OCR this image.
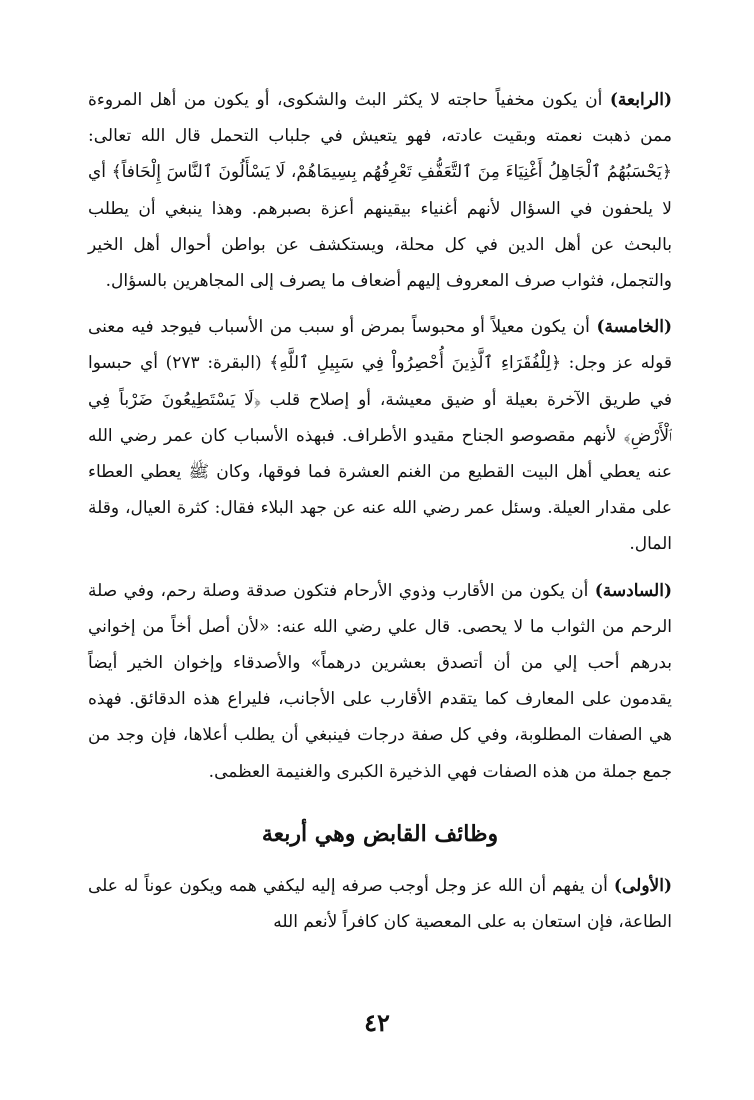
(الرابعة) أن يكون مخفياً حاجته لا يكثر البث والشكوى، أو يكون من أهل المروءة ممن ذهبت نعمته وبقيت عادته، فهو يتعيش في جلباب التحمل قال الله تعالى: ﴿يَحْسَبُهُمُ ٱلْجَاهِلُ أَغْنِيَاءَ مِنَ ٱلتَّعَفُّفِ تَعْرِفُهُم بِسِيمَاهُمْ، لَا يَسْأَلُونَ ٱلنَّاسَ إِلْحَافاً﴾ أي لا يلحفون في السؤال لأنهم أغنياء بيقينهم أعزة بصبرهم. وهذا ينبغي أن يطلب بالبحث عن أهل الدين في كل محلة، ويستكشف عن بواطن أحوال أهل الخير والتجمل، فثواب صرف المعروف إليهم أضعاف ما يصرف إلى المجاهرين بالسؤال.

(الخامسة) أن يكون معيلاً أو محبوساً بمرض أو سبب من الأسباب فيوجد فيه معنى قوله عز وجل: ﴿لِلْفُقَرَاءِ ٱلَّذِينَ أُحْصِرُواْ فِي سَبِيلِ ٱللَّهِ﴾ (البقرة: ٢٧٣) أي حبسوا في طريق الآخرة بعيلة أو ضيق معيشة، أو إصلاح قلب ﴿لَا يَسْتَطِيعُونَ ضَرْباً فِي ٱلْأَرْضِ﴾ لأنهم مقصوصو الجناح مقيدو الأطراف. فبهذه الأسباب كان عمر رضي الله عنه يعطي أهل البيت القطيع من الغنم العشرة فما فوقها، وكان ﷺ يعطي العطاء على مقدار العيلة. وسئل عمر رضي الله عنه عن جهد البلاء فقال: كثرة العيال، وقلة المال.

(السادسة) أن يكون من الأقارب وذوي الأرحام فتكون صدقة وصلة رحم، وفي صلة الرحم من الثواب ما لا يحصى. قال علي رضي الله عنه: «لأن أصل أخاً من إخواني بدرهم أحب إلي من أن أتصدق بعشرين درهماً» والأصدقاء وإخوان الخير أيضاً يقدمون على المعارف كما يتقدم الأقارب على الأجانب، فليراع هذه الدقائق. فهذه هي الصفات المطلوبة، وفي كل صفة درجات فينبغي أن يطلب أعلاها، فإن وجد من جمع جملة من هذه الصفات فهي الذخيرة الكبرى والغنيمة العظمى.

وظائف القابض وهي أربعة

(الأولى) أن يفهم أن الله عز وجل أوجب صرفه إليه ليكفي همه ويكون عوناً له على الطاعة، فإن استعان به على المعصية كان كافراً لأنعم الله

٤٢
